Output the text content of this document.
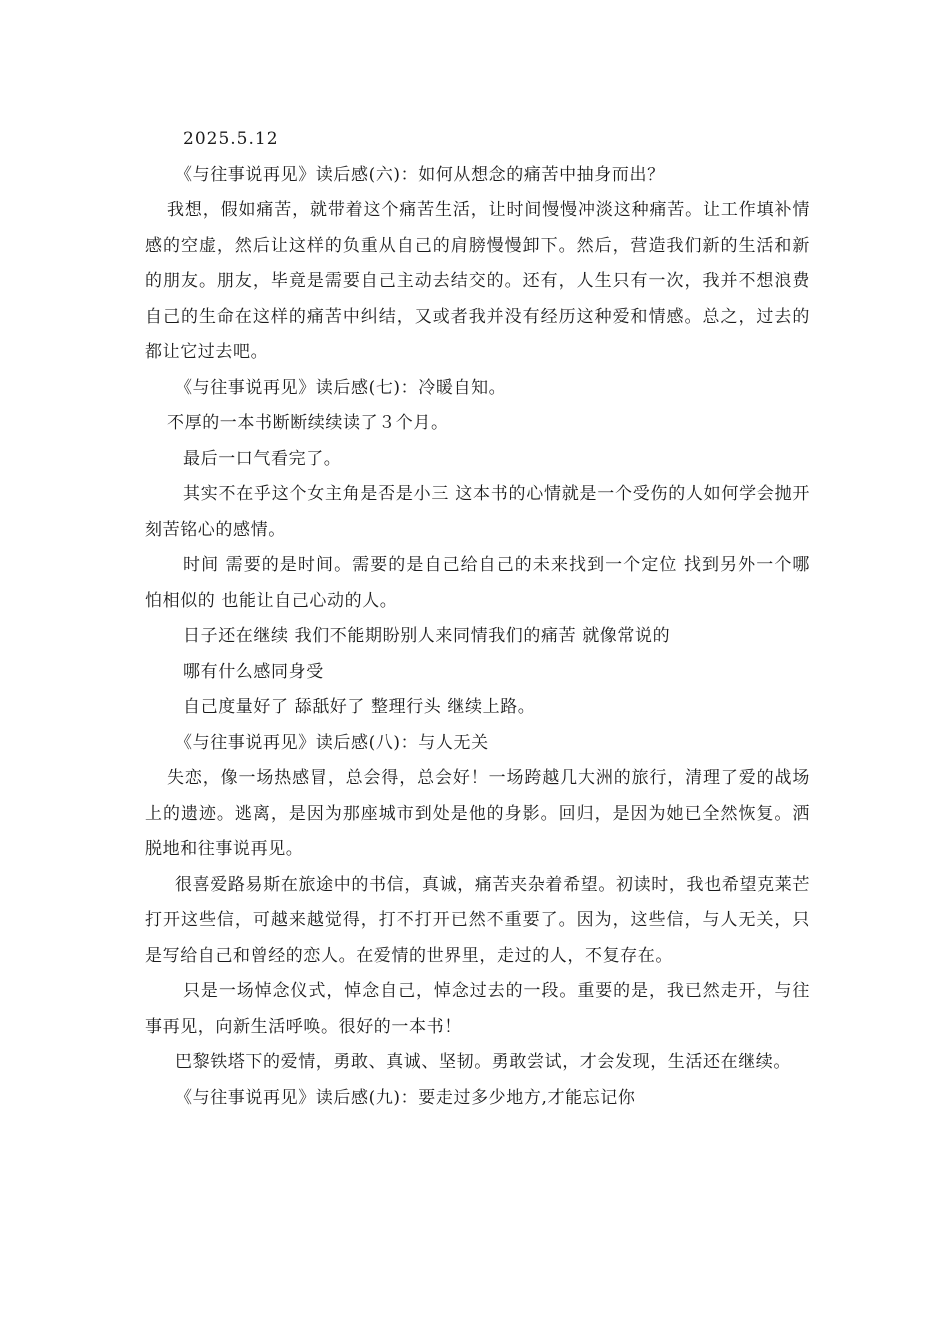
2025.5.12

《与往事说再见》读后感(六)：如何从想念的痛苦中抽身而出？

我想，假如痛苦，就带着这个痛苦生活，让时间慢慢冲淡这种痛苦。让工作填补情感的空虚，然后让这样的负重从自己的肩膀慢慢卸下。然后，营造我们新的生活和新的朋友。朋友，毕竟是需要自己主动去结交的。还有，人生只有一次，我并不想浪费自己的生命在这样的痛苦中纠结，又或者我并没有经历这种爱和情感。总之，过去的都让它过去吧。

《与往事说再见》读后感(七)：冷暖自知。

不厚的一本书断断续续读了３个月。

最后一口气看完了。

其实不在乎这个女主角是否是小三 这本书的心情就是一个受伤的人如何学会抛开刻苦铭心的感情。

时间 需要的是时间。需要的是自己给自己的未来找到一个定位 找到另外一个哪怕相似的 也能让自己心动的人。

日子还在继续 我们不能期盼别人来同情我们的痛苦 就像常说的

哪有什么感同身受

自己度量好了 舔舐好了 整理行头 继续上路。

《与往事说再见》读后感(八)：与人无关

失恋，像一场热感冒，总会得，总会好！一场跨越几大洲的旅行，清理了爱的战场上的遗迹。逃离，是因为那座城市到处是他的身影。回归，是因为她已全然恢复。洒脱地和往事说再见。

很喜爱路易斯在旅途中的书信，真诚，痛苦夹杂着希望。初读时，我也希望克莱芒打开这些信，可越来越觉得，打不打开已然不重要了。因为，这些信，与人无关，只是写给自己和曾经的恋人。在爱情的世界里，走过的人，不复存在。

只是一场悼念仪式，悼念自己，悼念过去的一段。重要的是，我已然走开，与往事再见，向新生活呼唤。很好的一本书！

巴黎铁塔下的爱情，勇敢、真诚、坚韧。勇敢尝试，才会发现，生活还在继续。

《与往事说再见》读后感(九)：要走过多少地方,才能忘记你
